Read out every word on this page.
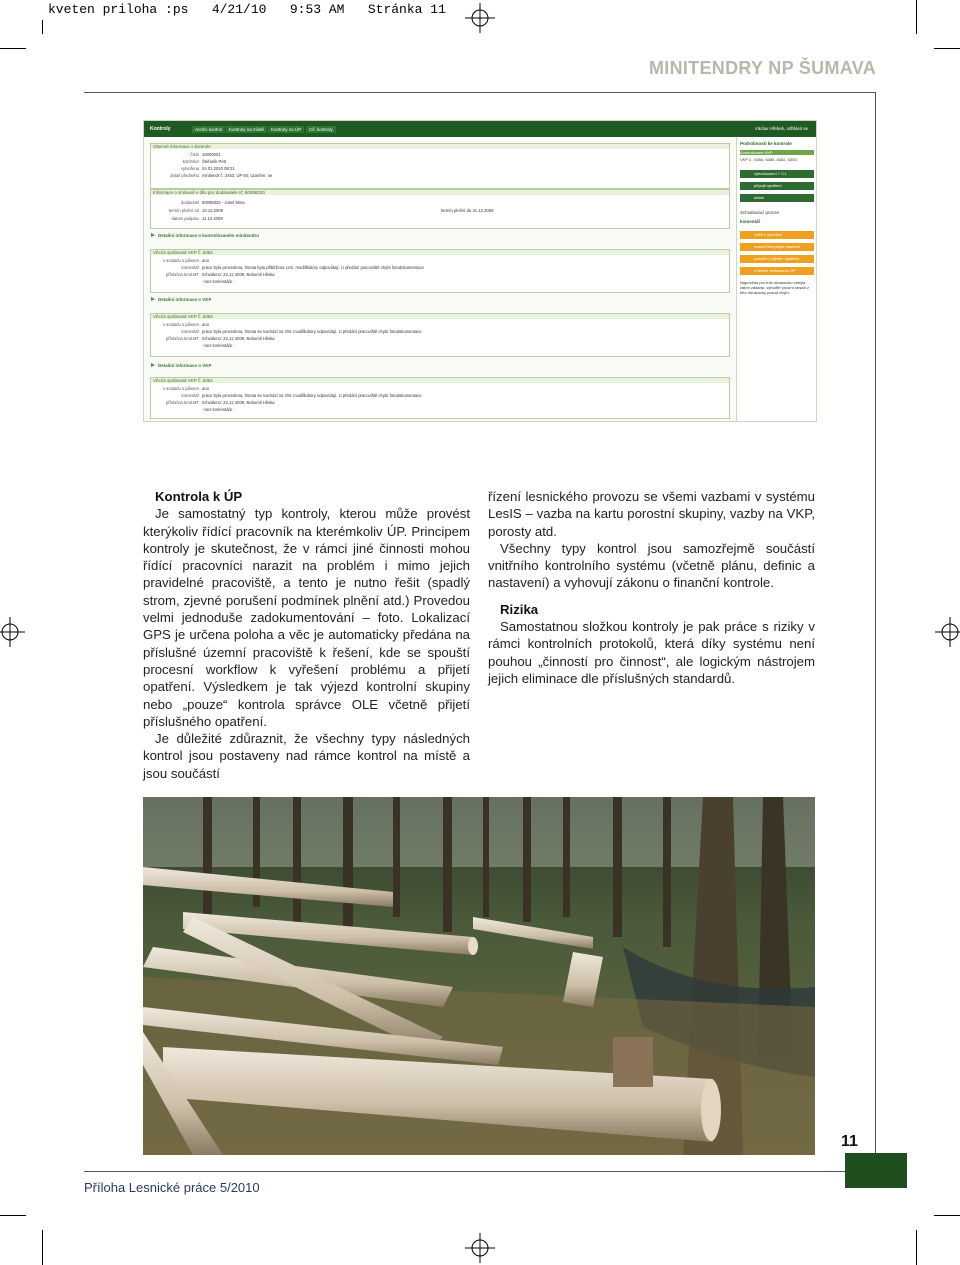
kveten priloha :ps   4/21/10   9:53 AM   Stránka 11
MINITENDRY NP ŠUMAVA
Kontroly	Archiv kontrol	Kontroly na místě	Kontroly na ÚP	Cíl. kontroly	Václav Hřebek, odhlásit se
Obecné informace o kontrole
číslo 10000001
kontrolor Štefaník Petr
vytvořena 04.01.2010 08:21
detail předmětu minitendr č. 2463; ÚP 84; uzavřen: ne
Informace o smlouvě v dílu pro dodavatele IČ 60098320
dodavatel 60098320 - Josef Mina
termín plnění od 10.12.2009
datum podpisu 11.12.2009
termín plnění do 31.12.2009
Detailní informace o kontrolovaném minitendru
Věcná správnost VKP č. 6352
v souladu s plánem ano
komentář práce byla provedena, hmota byla přiblížena LVS. modifikátory odpovídají. U předání pracoviště chybí fotodokumentace
přísločan.kmit.MT schváleno: 22.12.2009, Bohumil Hlinka
- bez komentáře -
Detailní informace o VKP
Věcná správnost VKP č. 6353
v souladu s plánem ano
komentář práce byla provedena, hmota se nachází na VM. modifikátory odpovídají. U předání pracoviště chybí fotodokumentace
přísločan.kmit.MT schváleno: 22.12.2009, Bohumil Hlinka
- bez komentáře -
Detailní informace o VKP
Věcná správnost VKP č. 6354
v souladu s plánem ano
komentář práce byla provedena, hmota se nachází na VM. modifikátory odpovídají. U předání pracoviště chybí fotodokumentace
přísločan.kmit.MT schváleno: 22.12.2009, Bohumil Hlinka
- bez komentáře -
Podrobnosti ke kontrole
Kontrolované VKP
VKP č.: 6354, 6355, 6352, 6353,
vyhodnocení + C1
připojit opatření
detail
Schvalovací proces
komentář
vrátit k doplnění
uzavřít bez přijetí opatření
uzavřít s přijetím opatření
k řešení vedoucímu ÚP
Nápověda pro tuto obrazovku nebyla zatím zadána, vyhoďte prosím obsah z této obrazovky pokud chybí.

Kontrola k ÚP

Je samostatný typ kontroly, kterou může provést kterýkoliv řídící pracovník na kterémkoliv ÚP. Principem kontroly je skutečnost, že v rámci jiné činnosti mohou řídící pracovníci narazit na problém i mimo jejich pravidelné pracoviště, a tento je nutno řešit (spadlý strom, zjevné porušení podmínek plnění atd.) Provedou velmi jednoduše zadokumentování – foto. Lokalizací GPS je určena poloha a věc je automaticky předána na příslušné územní pracoviště k řešení, kde se spouští procesní workflow k vyřešení problému a přijetí opatření. Výsledkem je tak výjezd kontrolní skupiny nebo „pouze“ kontrola správce OLE včetně přijetí příslušného opatření.

Je důležité zdůraznit, že všechny typy následných kontrol jsou postaveny nad rámce kontrol na místě a jsou součástí

řízení lesnického provozu se všemi vazbami v systému LesIS – vazba na kartu porostní skupiny, vazby na VKP, porosty atd.

Všechny typy kontrol jsou samozřejmě součástí vnitřního kontrolního systému (včetně plánu, definic a nastavení) a vyhovují zákonu o finanční kontrole.

Rizika

Samostatnou složkou kontroly je pak práce s riziky v rámci kontrolních protokolů, která díky systému není pouhou „činností pro činnost“, ale logickým nástrojem jejich eliminace dle příslušných standardů.

11
Příloha Lesnické práce 5/2010
